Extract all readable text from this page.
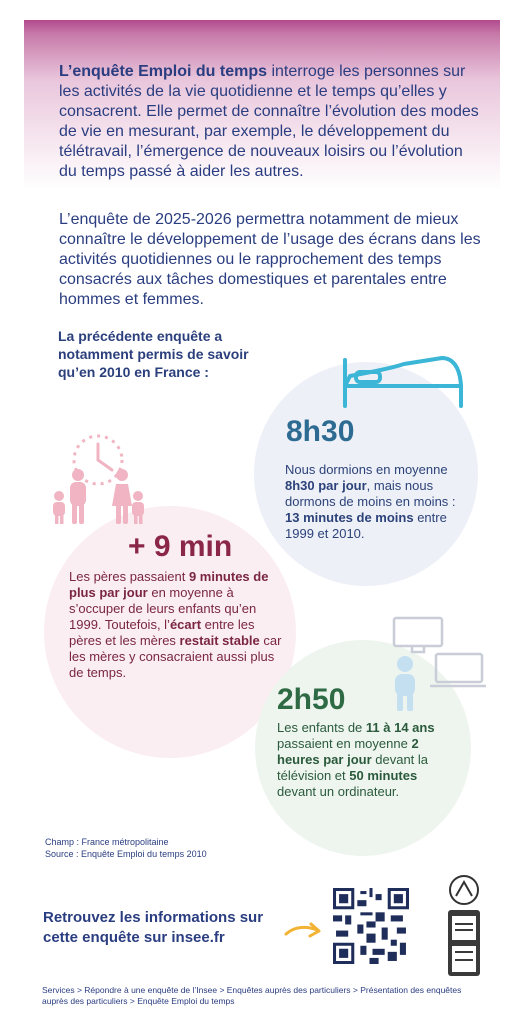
L’enquête Emploi du temps interroge les personnes sur les activités de la vie quotidienne et le temps qu’elles y consacrent. Elle permet de connaître l’évolution des modes de vie en mesurant, par exemple, le développement du télétravail, l’émergence de nouveaux loisirs ou l’évolution du temps passé à aider les autres.

L’enquête de 2025-2026 permettra notamment de mieux connaître le développement de l’usage des écrans dans les activités quotidiennes ou le rapprochement des temps consacrés aux tâches domestiques et parentales entre hommes et femmes.

La précédente enquête a notamment permis de savoir qu’en 2010 en France :

8h30

Nous dormions en moyenne 8h30 par jour, mais nous dormons de moins en moins : 13 minutes de moins entre 1999 et 2010.

+ 9 min

Les pères passaient 9 minutes de plus par jour en moyenne à s’occuper de leurs enfants qu’en 1999. Toutefois, l’écart entre les pères et les mères restait stable car les mères y consacraient aussi plus de temps.

2h50

Les enfants de 11 à 14 ans passaient en moyenne 2 heures par jour devant la télévision et 50 minutes devant un ordinateur.

Champ : France métropolitaine
Source : Enquête Emploi du temps 2010

Retrouvez les informations sur cette enquête sur insee.fr

Services > Répondre à une enquête de l’Insee > Enquêtes auprès des particuliers > Présentation des enquêtes auprès des particuliers > Enquête Emploi du temps
